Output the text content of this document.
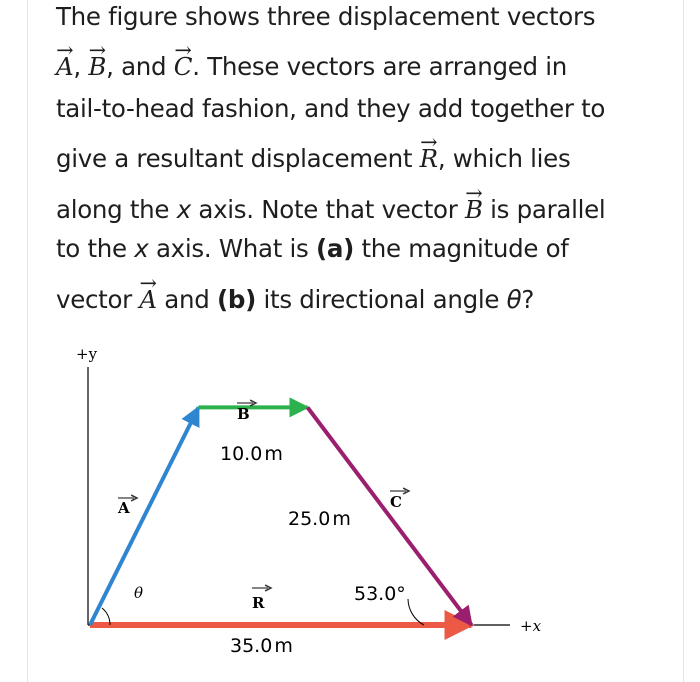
The figure shows three displacement vectors
→ A, → B, and → C. These vectors are arranged in
tail-to-head fashion, and they add together to
give a resultant displacement → R, which lies
along the x axis. Note that vector → B is parallel
to the x axis. What is (a) the magnitude of
vector → A and (b) its directional angle θ?
+y
+x
θ
A
B
C
R
10.0 m
25.0 m
35.0 m
53.0°
